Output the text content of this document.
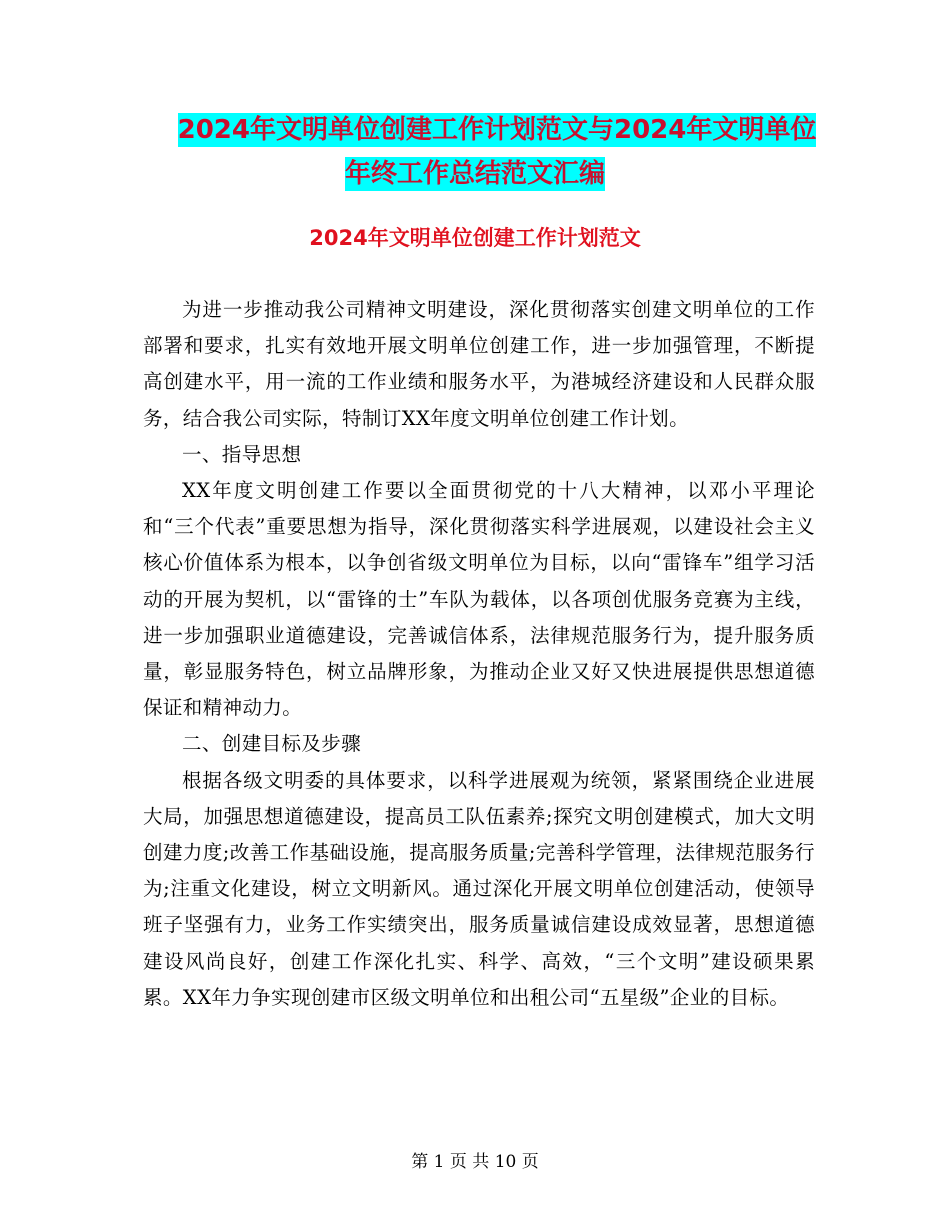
2024年文明单位创建工作计划范文与2024年文明单位
年终工作总结范文汇编
2024年文明单位创建工作计划范文

为进一步推动我公司精神文明建设，深化贯彻落实创建文明单位的工作部署和要求，扎实有效地开展文明单位创建工作，进一步加强管理，不断提高创建水平，用一流的工作业绩和服务水平，为港城经济建设和人民群众服务，结合我公司实际，特制订XX年度文明单位创建工作计划。

一、指导思想

XX年度文明创建工作要以全面贯彻党的十八大精神，以邓小平理论和“三个代表”重要思想为指导，深化贯彻落实科学进展观，以建设社会主义核心价值体系为根本，以争创省级文明单位为目标，以向“雷锋车”组学习活动的开展为契机，以“雷锋的士”车队为载体，以各项创优服务竞赛为主线，进一步加强职业道德建设，完善诚信体系，法律规范服务行为，提升服务质量，彰显服务特色，树立品牌形象，为推动企业又好又快进展提供思想道德保证和精神动力。

二、创建目标及步骤

根据各级文明委的具体要求，以科学进展观为统领，紧紧围绕企业进展大局，加强思想道德建设，提高员工队伍素养;探究文明创建模式，加大文明创建力度;改善工作基础设施，提高服务质量;完善科学管理，法律规范服务行为;注重文化建设，树立文明新风。通过深化开展文明单位创建活动，使领导班子坚强有力，业务工作实绩突出，服务质量诚信建设成效显著，思想道德建设风尚良好，创建工作深化扎实、科学、高效，“三个文明”建设硕果累累。XX年力争实现创建市区级文明单位和出租公司“五星级”企业的目标。

第 1 页 共 10 页
